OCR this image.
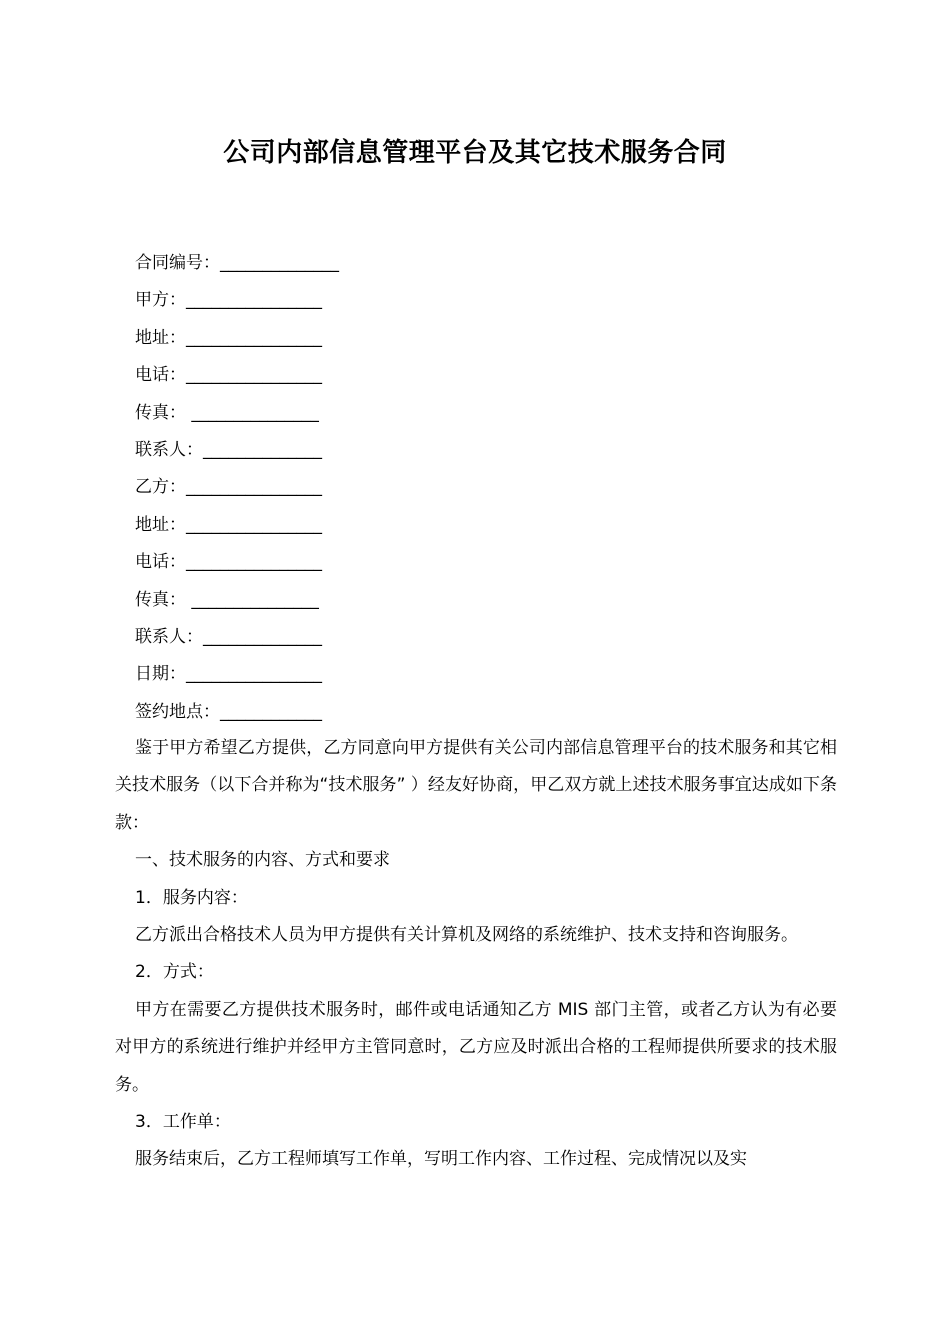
公司内部信息管理平台及其它技术服务合同
合同编号：______________
甲方：________________
地址：________________
电话：________________
传真： _______________
联系人：______________
乙方：________________
地址：________________
电话：________________
传真： _______________
联系人：______________
日期：________________
签约地点：____________

鉴于甲方希望乙方提供，乙方同意向甲方提供有关公司内部信息管理平台的技术服务和其它相关技术服务（以下合并称为“技术服务” ）经友好协商，甲乙双方就上述技术服务事宜达成如下条款：

一、技术服务的内容、方式和要求

1．服务内容：

乙方派出合格技术人员为甲方提供有关计算机及网络的系统维护、技术支持和咨询服务。

2．方式：

甲方在需要乙方提供技术服务时，邮件或电话通知乙方 MIS 部门主管，或者乙方认为有必要对甲方的系统进行维护并经甲方主管同意时，乙方应及时派出合格的工程师提供所要求的技术服务。

3．工作单：

服务结束后，乙方工程师填写工作单，写明工作内容、工作过程、完成情况以及实
